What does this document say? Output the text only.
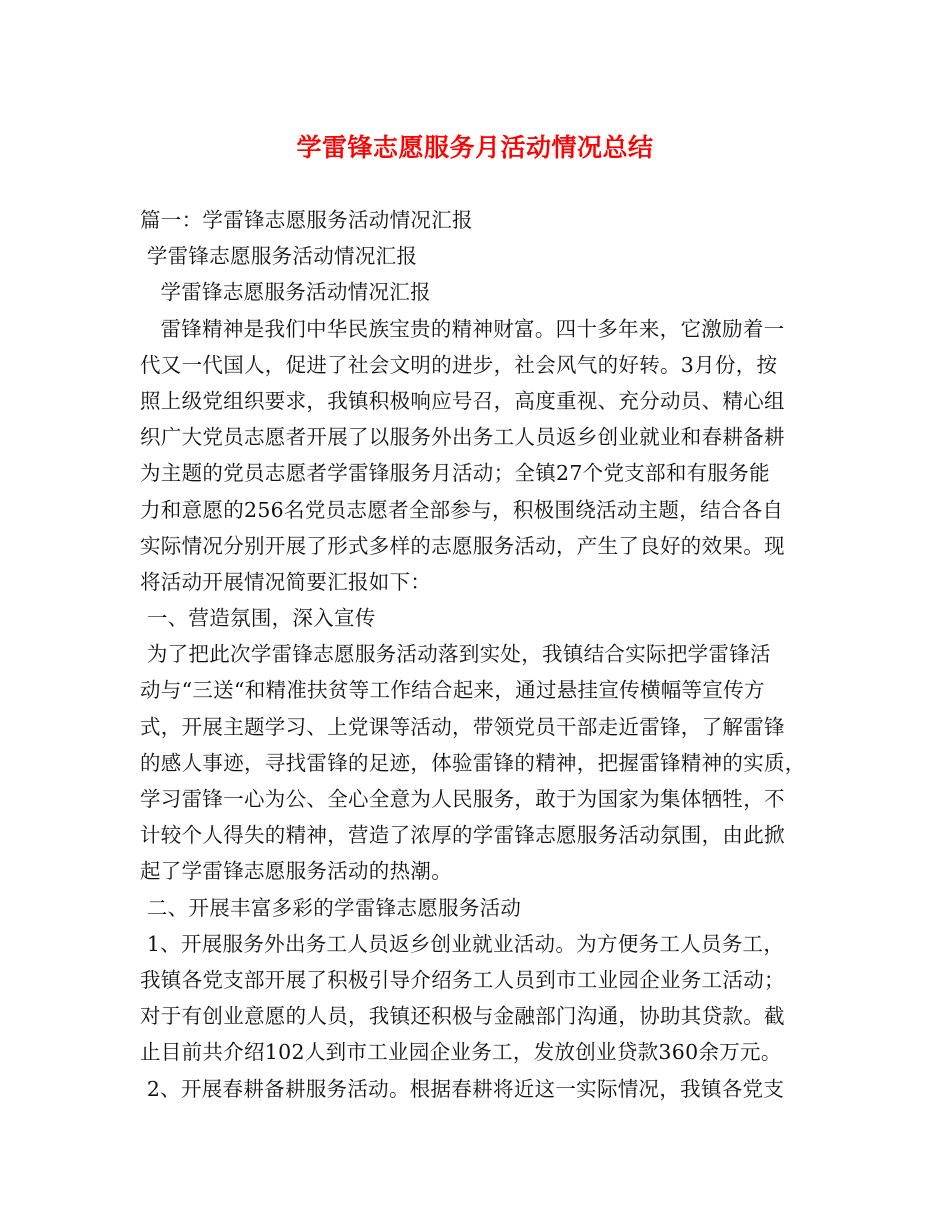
学雷锋志愿服务月活动情况总结
篇一：学雷锋志愿服务活动情况汇报
学雷锋志愿服务活动情况汇报
学雷锋志愿服务活动情况汇报
雷锋精神是我们中华民族宝贵的精神财富。四十多年来，它激励着一
代又一代国人，促进了社会文明的进步，社会风气的好转。3月份，按
照上级党组织要求，我镇积极响应号召，高度重视、充分动员、精心组
织广大党员志愿者开展了以服务外出务工人员返乡创业就业和春耕备耕
为主题的党员志愿者学雷锋服务月活动；全镇27个党支部和有服务能
力和意愿的256名党员志愿者全部参与，积极围绕活动主题，结合各自
实际情况分别开展了形式多样的志愿服务活动，产生了良好的效果。现
将活动开展情况简要汇报如下：
一、营造氛围，深入宣传
为了把此次学雷锋志愿服务活动落到实处，我镇结合实际把学雷锋活
动与“三送“和精准扶贫等工作结合起来，通过悬挂宣传横幅等宣传方
式，开展主题学习、上党课等活动，带领党员干部走近雷锋，了解雷锋
的感人事迹，寻找雷锋的足迹，体验雷锋的精神，把握雷锋精神的实质，
学习雷锋一心为公、全心全意为人民服务，敢于为国家为集体牺牲，不
计较个人得失的精神，营造了浓厚的学雷锋志愿服务活动氛围，由此掀
起了学雷锋志愿服务活动的热潮。
二、开展丰富多彩的学雷锋志愿服务活动
1、开展服务外出务工人员返乡创业就业活动。为方便务工人员务工，
我镇各党支部开展了积极引导介绍务工人员到市工业园企业务工活动；
对于有创业意愿的人员，我镇还积极与金融部门沟通，协助其贷款。截
止目前共介绍102人到市工业园企业务工，发放创业贷款360余万元。
2、开展春耕备耕服务活动。根据春耕将近这一实际情况，我镇各党支
